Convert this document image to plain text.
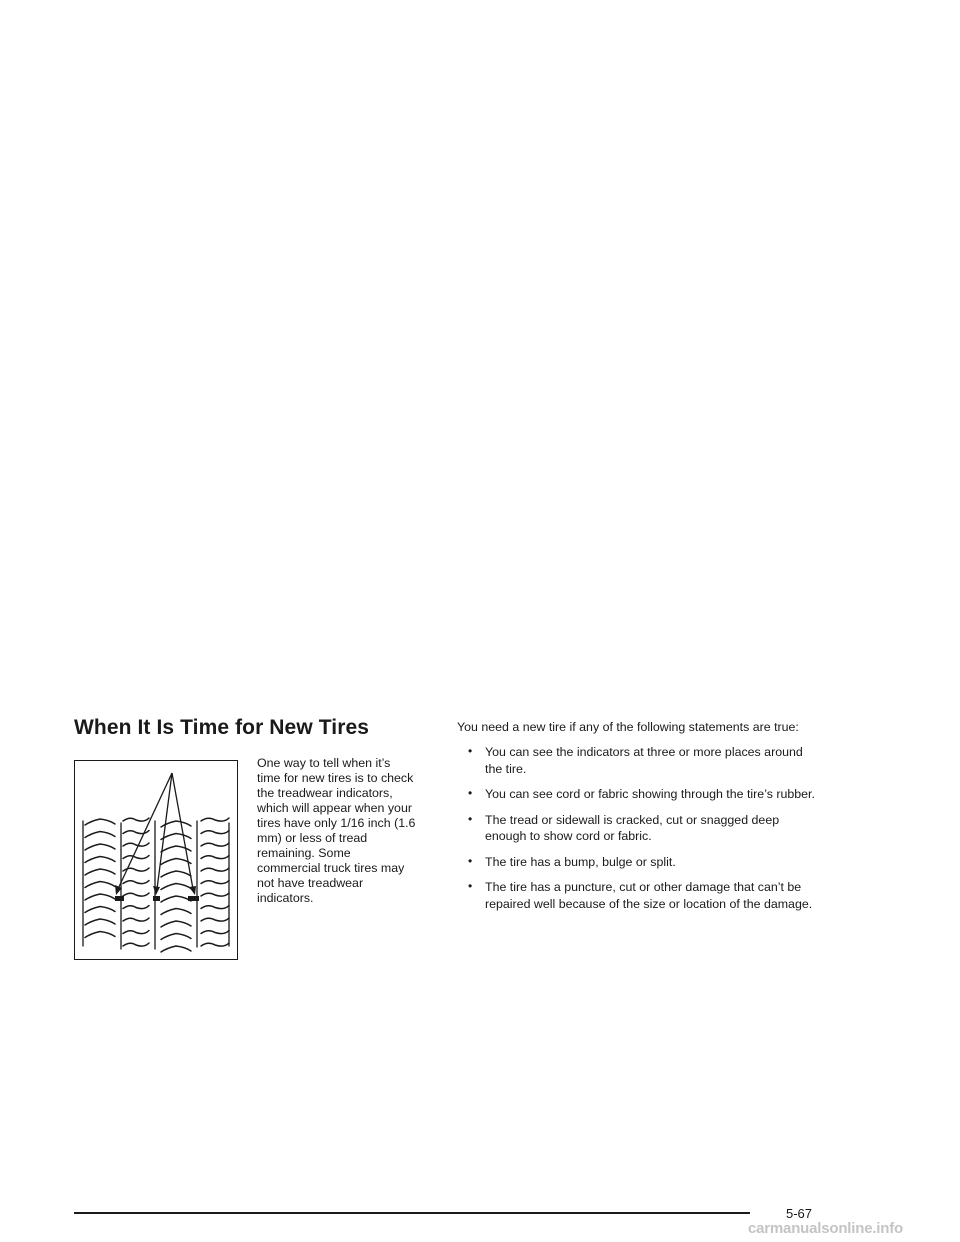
When It Is Time for New Tires

One way to tell when it’s time for new tires is to check the treadwear indicators, which will appear when your tires have only 1/16 inch (1.6 mm) or less of tread remaining. Some commercial truck tires may not have treadwear indicators.

You need a new tire if any of the following statements are true:

• You can see the indicators at three or more places around the tire.
• You can see cord or fabric showing through the tire’s rubber.
• The tread or sidewall is cracked, cut or snagged deep enough to show cord or fabric.
• The tire has a bump, bulge or split.
• The tire has a puncture, cut or other damage that can’t be repaired well because of the size or location of the damage.
5-67
carmanualsonline.info
